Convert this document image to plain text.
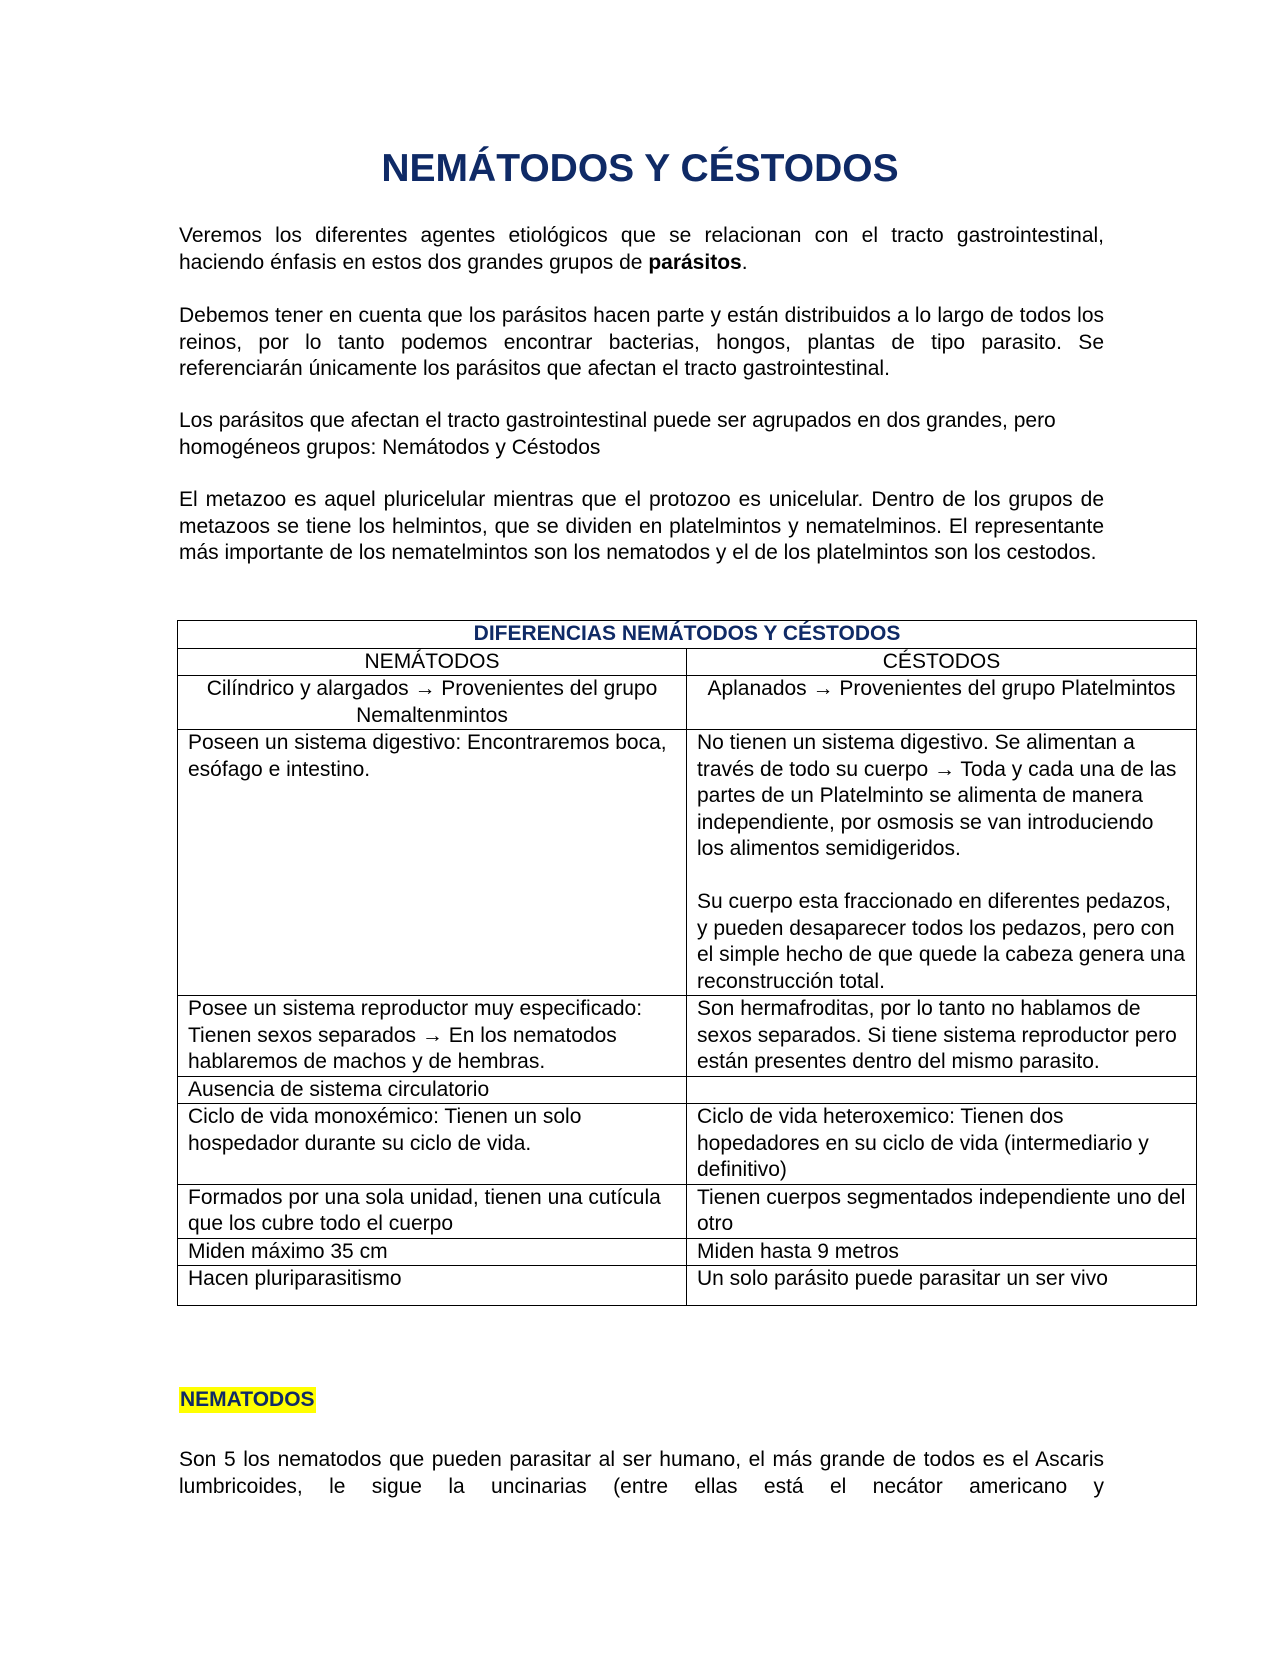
NEMÁTODOS Y CÉSTODOS

Veremos los diferentes agentes etiológicos que se relacionan con el tracto gastrointestinal, haciendo énfasis en estos dos grandes grupos de parásitos.

Debemos tener en cuenta que los parásitos hacen parte y están distribuidos a lo largo de todos los reinos, por lo tanto podemos encontrar bacterias, hongos, plantas de tipo parasito. Se referenciarán únicamente los parásitos que afectan el tracto gastrointestinal.

Los parásitos que afectan el tracto gastrointestinal puede ser agrupados en dos grandes, pero homogéneos grupos: Nemátodos y Céstodos

El metazoo es aquel pluricelular mientras que el protozoo es unicelular. Dentro de los grupos de metazoos se tiene los helmintos, que se dividen en platelmintos y nematelminos. El representante más importante de los nematelmintos son los nematodos y el de los platelmintos son los cestodos.

DIFERENCIAS NEMÁTODOS Y CÉSTODOS	
NEMÁTODOS	CÉSTODOS
Cilíndrico y alargados → Provenientes del grupo Nemaltenmintos	Aplanados → Provenientes del grupo Platelmintos
Poseen un sistema digestivo: Encontraremos boca, esófago e intestino.	No tienen un sistema digestivo. Se alimentan a través de todo su cuerpo → Toda y cada una de las partes de un Platelminto se alimenta de manera independiente, por osmosis se van introduciendo los alimentos semidigeridos.
Su cuerpo esta fraccionado en diferentes pedazos, y pueden desaparecer todos los pedazos, pero con el simple hecho de que quede la cabeza genera una reconstrucción total.

Posee un sistema reproductor muy especificado: Tienen sexos separados → En los nematodos hablaremos de machos y de hembras.	Son hermafroditas, por lo tanto no hablamos de sexos separados. Si tiene sistema reproductor pero están presentes dentro del mismo parasito.
Ausencia de sistema circulatorio	
Ciclo de vida monoxémico: Tienen un solo hospedador durante su ciclo de vida.	Ciclo de vida heteroxemico: Tienen dos hopedadores en su ciclo de vida (intermediario y definitivo)
Formados por una sola unidad, tienen una cutícula que los cubre todo el cuerpo	Tienen cuerpos segmentados independiente uno del otro
Miden máximo 35 cm	Miden hasta 9 metros
Hacen pluriparasitismo	Un solo parásito puede parasitar un ser vivo
NEMATODOS

Son 5 los nematodos que pueden parasitar al ser humano, el más grande de todos es el Ascaris lumbricoides, le sigue la uncinarias (entre ellas está el necátor americano y
